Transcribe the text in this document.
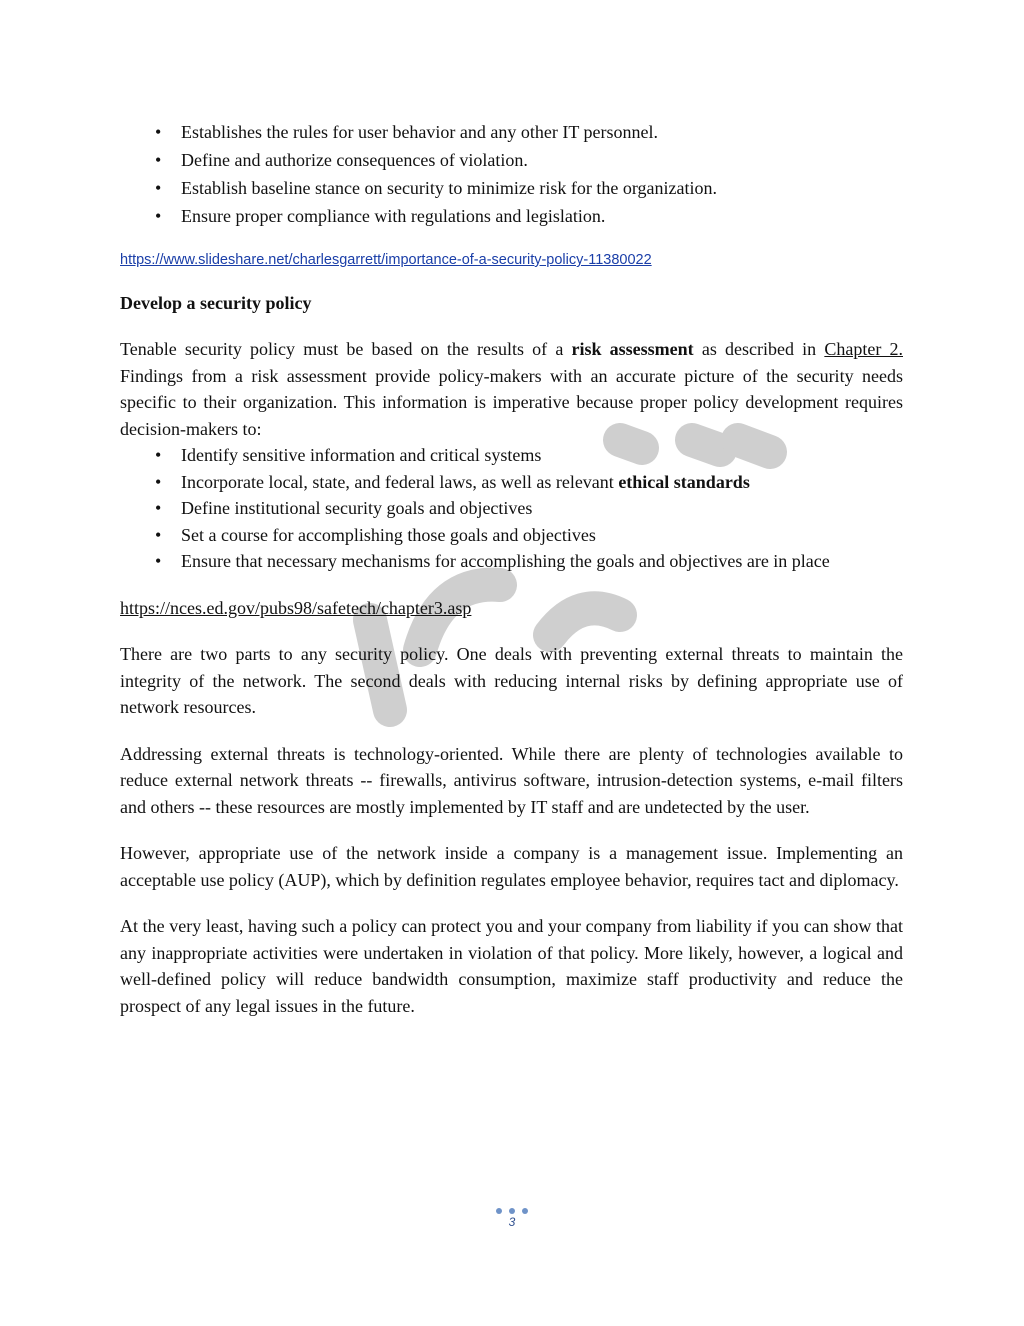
• Establishes the rules for user behavior and any other IT personnel.
• Define and authorize consequences of violation.
• Establish baseline stance on security to minimize risk for the organization.
• Ensure proper compliance with regulations and legislation.
https://www.slideshare.net/charlesgarrett/importance-of-a-security-policy-11380022
Develop a security policy

Tenable security policy must be based on the results of a risk assessment as described in Chapter 2. Findings from a risk assessment provide policy-makers with an accurate picture of the security needs specific to their organization. This information is imperative because proper policy development requires decision-makers to:

• Identify sensitive information and critical systems
• Incorporate local, state, and federal laws, as well as relevant ethical standards
• Define institutional security goals and objectives
• Set a course for accomplishing those goals and objectives
• Ensure that necessary mechanisms for accomplishing the goals and objectives are in place
https://nces.ed.gov/pubs98/safetech/chapter3.asp

There are two parts to any security policy. One deals with preventing external threats to maintain the integrity of the network. The second deals with reducing internal risks by defining appropriate use of network resources.

Addressing external threats is technology-oriented. While there are plenty of technologies available to reduce external network threats -- firewalls, antivirus software, intrusion-detection systems, e-mail filters and others -- these resources are mostly implemented by IT staff and are undetected by the user.

However, appropriate use of the network inside a company is a management issue. Implementing an acceptable use policy (AUP), which by definition regulates employee behavior, requires tact and diplomacy.

At the very least, having such a policy can protect you and your company from liability if you can show that any inappropriate activities were undertaken in violation of that policy. More likely, however, a logical and well-defined policy will reduce bandwidth consumption, maximize staff productivity and reduce the prospect of any legal issues in the future.

3
